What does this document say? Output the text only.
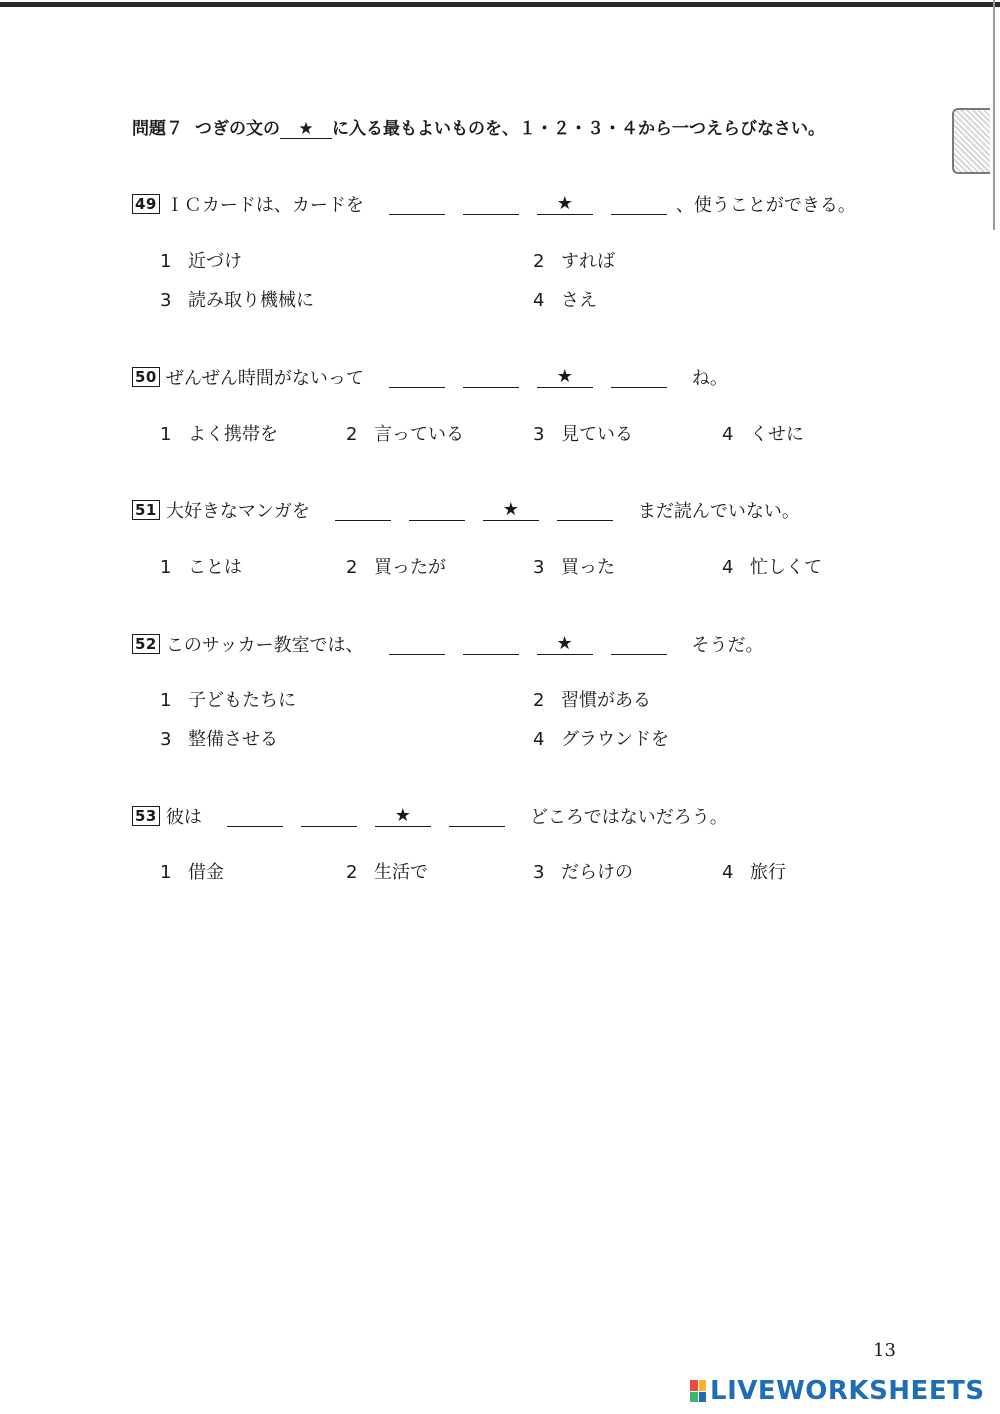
問題７ つぎの文の ★ に入る最もよいものを、１・２・３・４から一つえらびなさい。
49 ＩＣカードは、カードを	★	、使うことができる。
1 近づけ	2 すれば
3 読み取り機械に	4 さえ
50 ぜんぜん時間がないって	★	ね。
1 よく携帯を	2 言っている	3 見ている	4 くせに
51 大好きなマンガを	★	まだ読んでいない。
1 ことは	2 買ったが	3 買った	4 忙しくて
52 このサッカー教室では、	★	そうだ。
1 子どもたちに	2 習慣がある
3 整備させる	4 グラウンドを
53 彼は	★	どころではないだろう。
1 借金	2 生活で	3 だらけの	4 旅行
13
LIVEWORKSHEETS
